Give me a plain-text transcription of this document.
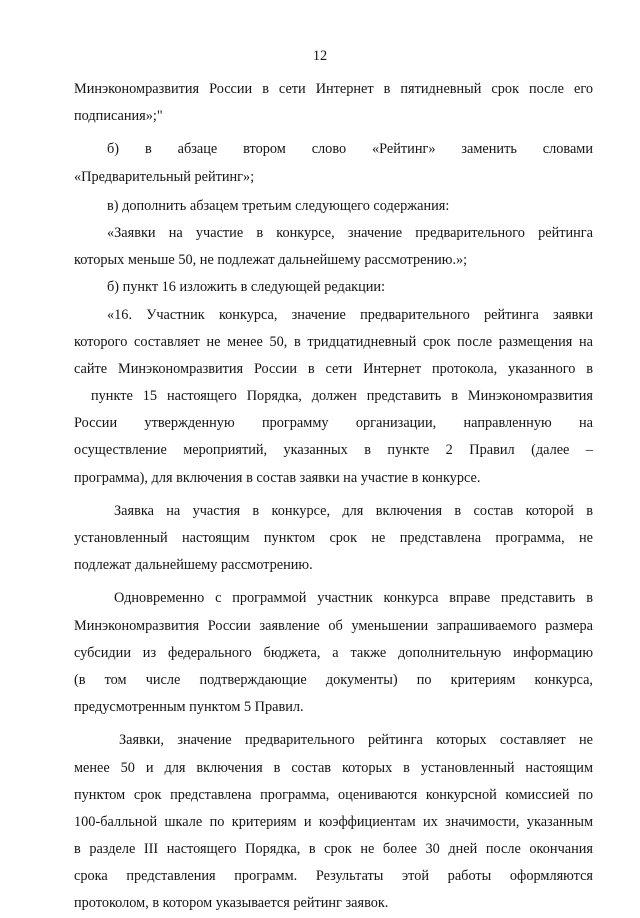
12
Минэкономразвития России в сети Интернет в пятидневный срок после его
подписания»;"
б) в абзаце втором слово «Рейтинг» заменить словами
«Предварительный рейтинг»;
в) дополнить абзацем третьим следующего содержания:
«Заявки на участие в конкурсе, значение предварительного рейтинга
которых меньше 50, не подлежат дальнейшему рассмотрению.»;
б) пункт 16 изложить в следующей редакции:
«16. Участник конкурса, значение предварительного рейтинга заявки
которого составляет не менее 50, в тридцатидневный срок после размещения на
сайте Минэкономразвития России в сети Интернет протокола, указанного в
пункте 15 настоящего Порядка, должен представить в Минэкономразвития
России утвержденную программу организации, направленную на
осуществление мероприятий, указанных в пункте 2 Правил (далее –
программа), для включения в состав заявки на участие в конкурсе.
Заявка на участия в конкурсе, для включения в состав которой в
установленный настоящим пунктом срок не представлена программа, не
подлежат дальнейшему рассмотрению.
Одновременно с программой участник конкурса вправе представить в
Минэкономразвития России заявление об уменьшении запрашиваемого размера
субсидии из федерального бюджета, а также дополнительную информацию
(в том числе подтверждающие документы) по критериям конкурса,
предусмотренным пунктом 5 Правил.
Заявки, значение предварительного рейтинга которых составляет не
менее 50 и для включения в состав которых в установленный настоящим
пунктом срок представлена программа, оцениваются конкурсной комиссией по
100-балльной шкале по критериям и коэффициентам их значимости, указанным
в разделе III настоящего Порядка, в срок не более 30 дней после окончания
срока представления программ. Результаты этой работы оформляются
протоколом, в котором указывается рейтинг заявок.
